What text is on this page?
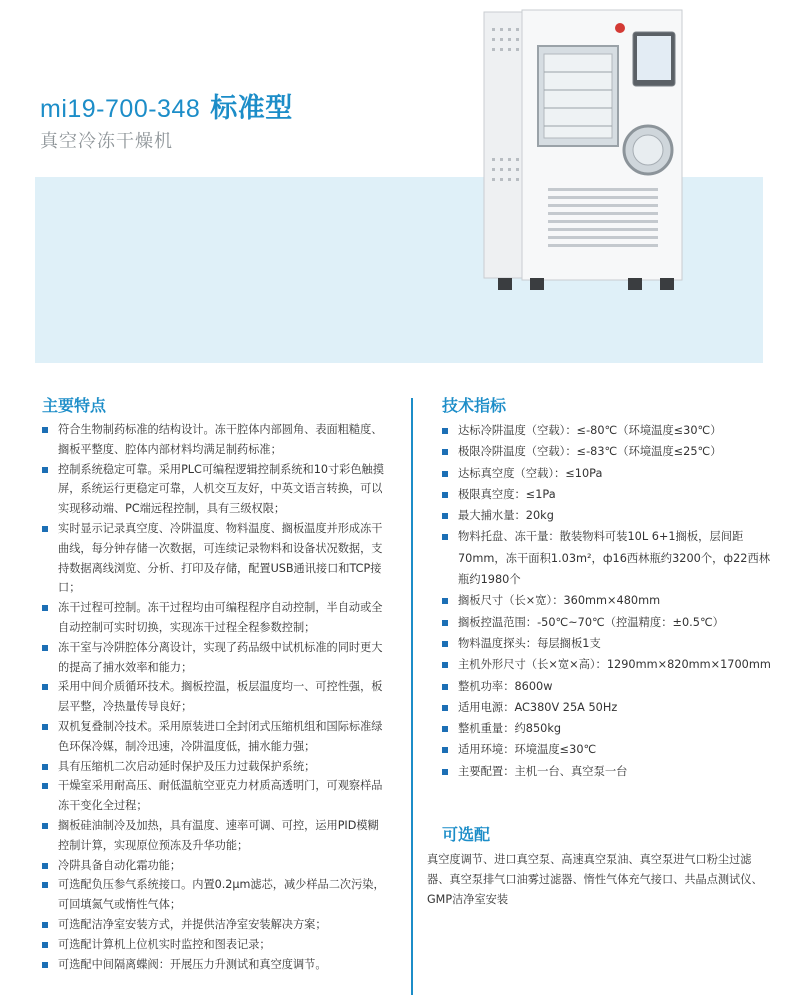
mi19-700-348 标准型
真空冷冻干燥机
主要特点
符合生物制药标准的结构设计。冻干腔体内部圆角、表面粗糙度、搁板平整度、腔体内部材料均满足制药标准；
控制系统稳定可靠。采用PLC可编程逻辑控制系统和10寸彩色触摸屏，系统运行更稳定可靠，人机交互友好，中英文语言转换，可以实现移动端、PC端远程控制，具有三级权限；
实时显示记录真空度、冷阱温度、物料温度、搁板温度并形成冻干曲线，每分钟存储一次数据，可连续记录物料和设备状况数据，支持数据离线浏览、分析、打印及存储，配置USB通讯接口和TCP接口；
冻干过程可控制。冻干过程均由可编程程序自动控制，半自动或全自动控制可实时切换，实现冻干过程全程参数控制；
冻干室与冷阱腔体分离设计，实现了药品级中试机标准的同时更大的提高了捕水效率和能力；
采用中间介质循环技术。搁板控温，板层温度均一、可控性强，板层平整，冷热量传导良好；
双机复叠制冷技术。采用原装进口全封闭式压缩机组和国际标准绿色环保冷媒，制冷迅速，冷阱温度低，捕水能力强；
具有压缩机二次启动延时保护及压力过载保护系统；
干燥室采用耐高压、耐低温航空亚克力材质高透明门，可观察样品冻干变化全过程；
搁板硅油制冷及加热，具有温度、速率可调、可控，运用PID模糊控制计算，实现原位预冻及升华功能；
冷阱具备自动化霜功能；
可选配负压参气系统接口。内置0.2μm滤芯，减少样品二次污染，可回填氮气或惰性气体；
可选配洁净室安装方式，并提供洁净室安装解决方案；
可选配计算机上位机实时监控和图表记录；
可选配中间隔离蝶阀：开展压力升测试和真空度调节。
技术指标
达标冷阱温度（空载）：≤-80℃（环境温度≤30℃）
极限冷阱温度（空载）：≤-83℃（环境温度≤25℃）
达标真空度（空载）：≤10Pa
极限真空度：≤1Pa
最大捕水量：20kg
物料托盘、冻干量：散装物料可装10L 6+1搁板，层间距70mm，冻干面积1.03m²，ф16西林瓶约3200个，ф22西林瓶约1980个
搁板尺寸（长×宽）：360mm×480mm
搁板控温范围：-50℃~70℃（控温精度：±0.5℃）
物料温度探头：每层搁板1支
主机外形尺寸（长×宽×高）：1290mm×820mm×1700mm
整机功率：8600w
适用电源：AC380V 25A 50Hz
整机重量：约850kg
适用环境：环境温度≤30℃
主要配置：主机一台、真空泵一台
可选配
真空度调节、进口真空泵、高速真空泵油、真空泵进气口粉尘过滤器、真空泵排气口油雾过滤器、惰性气体充气接口、共晶点测试仪、GMP洁净室安装
